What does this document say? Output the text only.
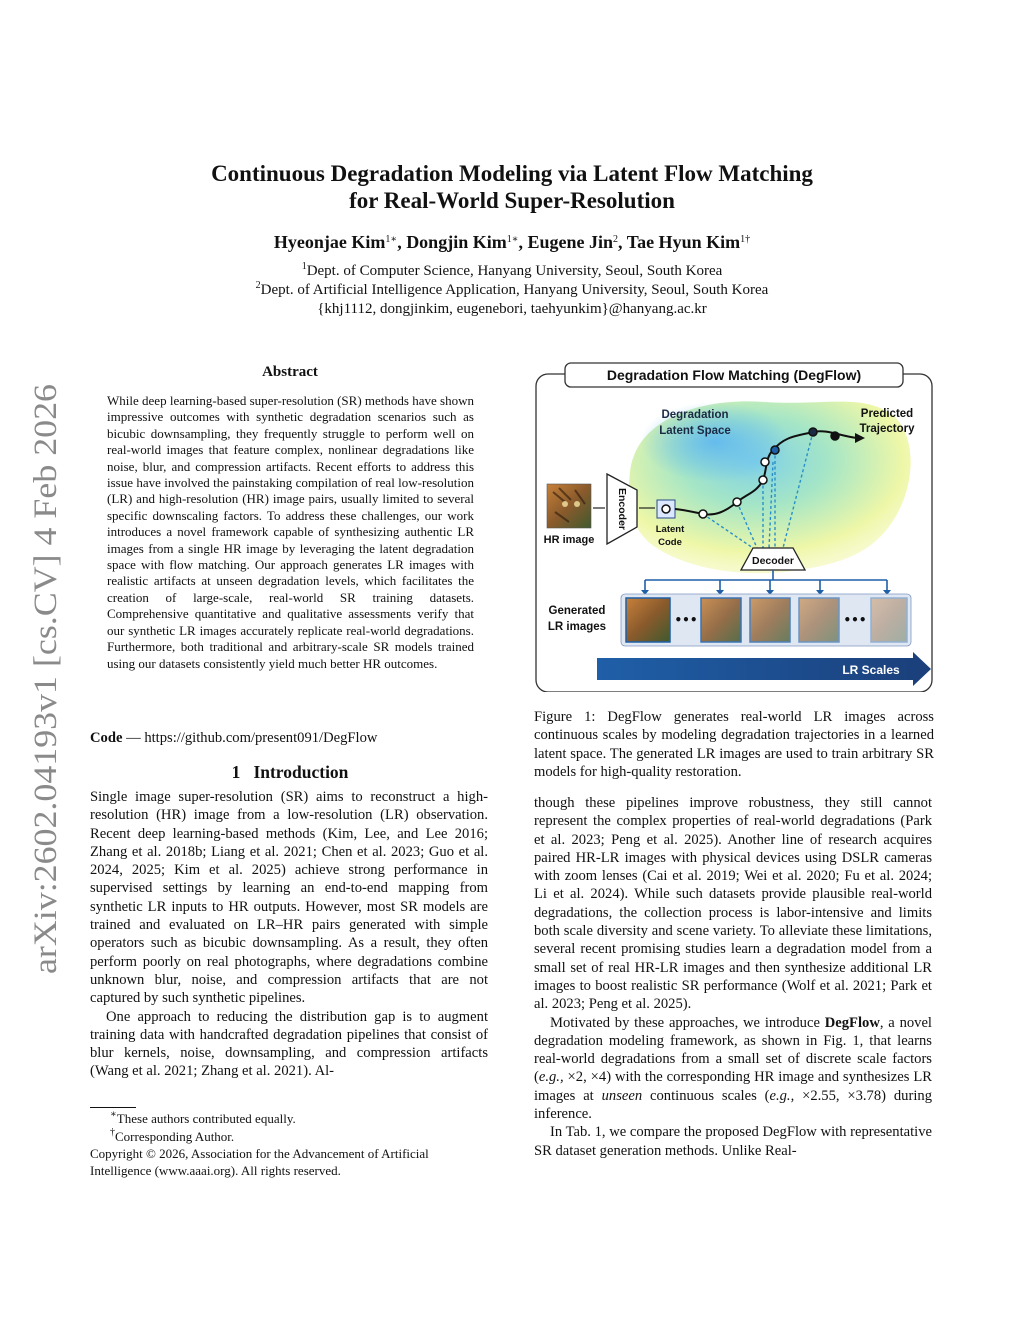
arXiv:2602.04193v1 [cs.CV] 4 Feb 2026
Continuous Degradation Modeling via Latent Flow Matching
for Real-World Super-Resolution
Hyeonjae Kim$^{1∗}$, Dongjin Kim$^{1∗}$, Eugene Jin$^2$, Tae Hyun Kim$^{1\dagger}$
$^1$Dept. of Computer Science, Hanyang University, Seoul, South Korea
$^2$Dept. of Artificial Intelligence Application, Hanyang University, Seoul, South Korea
{khj1112, dongjinkim, eugenebori, taehyunkim}@hanyang.ac.kr
Abstract
While deep learning-based super-resolution (SR) methods have shown impressive outcomes with synthetic degradation scenarios such as bicubic downsampling, they frequently struggle to perform well on real-world images that feature complex, nonlinear degradations like noise, blur, and compression artifacts. Recent efforts to address this issue have involved the painstaking compilation of real low-resolution (LR) and high-resolution (HR) image pairs, usually limited to several specific downscaling factors. To address these challenges, our work introduces a novel framework capable of synthesizing authentic LR images from a single HR image by leveraging the latent degradation space with flow matching. Our approach generates LR images with realistic artifacts at unseen degradation levels, which facilitates the creation of large-scale, real-world SR training datasets. Comprehensive quantitative and qualitative assessments verify that our synthetic LR images accurately replicate real-world degradations. Furthermore, both traditional and arbitrary-scale SR models trained using our datasets consistently yield much better HR outcomes.
Code — https://github.com/present091/DegFlow
1 Introduction

Single image super-resolution (SR) aims to reconstruct a high-resolution (HR) image from a low-resolution (LR) observation. Recent deep learning-based methods (Kim, Lee, and Lee 2016; Zhang et al. 2018b; Liang et al. 2021; Chen et al. 2023; Guo et al. 2024, 2025; Kim et al. 2025) achieve strong performance in supervised settings by learning an end-to-end mapping from synthetic LR inputs to HR outputs. However, most SR models are trained and evaluated on LR–HR pairs generated with simple operators such as bicubic downsampling. As a result, they often perform poorly on real photographs, where degradations combine unknown blur, noise, and compression artifacts that are not captured by such synthetic pipelines.

One approach to reducing the distribution gap is to augment training data with handcrafted degradation pipelines that consist of blur kernels, noise, downsampling, and compression artifacts (Wang et al. 2021; Zhang et al. 2021). Al-

∗These authors contributed equally.
†Corresponding Author.
Copyright © 2026, Association for the Advancement of Artificial Intelligence (www.aaai.org). All rights reserved.
Degradation Flow Matching (DegFlow)
Degradation
Latent Space
Predicted
Trajectory
HR image
Encoder	Latent
Code
Decoder
•••	•••
Generated
LR images
LR Scales
Figure 1: DegFlow generates real-world LR images across continuous scales by modeling degradation trajectories in a learned latent space. The generated LR images are used to train arbitrary SR models for high-quality restoration.

though these pipelines improve robustness, they still cannot represent the complex properties of real-world degradations (Park et al. 2023; Peng et al. 2025). Another line of research acquires paired HR-LR images with physical devices using DSLR cameras with zoom lenses (Cai et al. 2019; Wei et al. 2020; Fu et al. 2024; Li et al. 2024). While such datasets provide plausible real-world degradations, the collection process is labor-intensive and limits both scale diversity and scene variety. To alleviate these limitations, several recent promising studies learn a degradation model from a small set of real HR-LR images and then synthesize additional LR images to boost realistic SR performance (Wolf et al. 2021; Park et al. 2023; Peng et al. 2025).

Motivated by these approaches, we introduce DegFlow, a novel degradation modeling framework, as shown in Fig. 1, that learns real-world degradations from a small set of discrete scale factors (e.g., ×2, ×4) with the corresponding HR image and synthesizes LR images at unseen continuous scales (e.g., ×2.55, ×3.78) during inference.

In Tab. 1, we compare the proposed DegFlow with representative SR dataset generation methods. Unlike Real-
